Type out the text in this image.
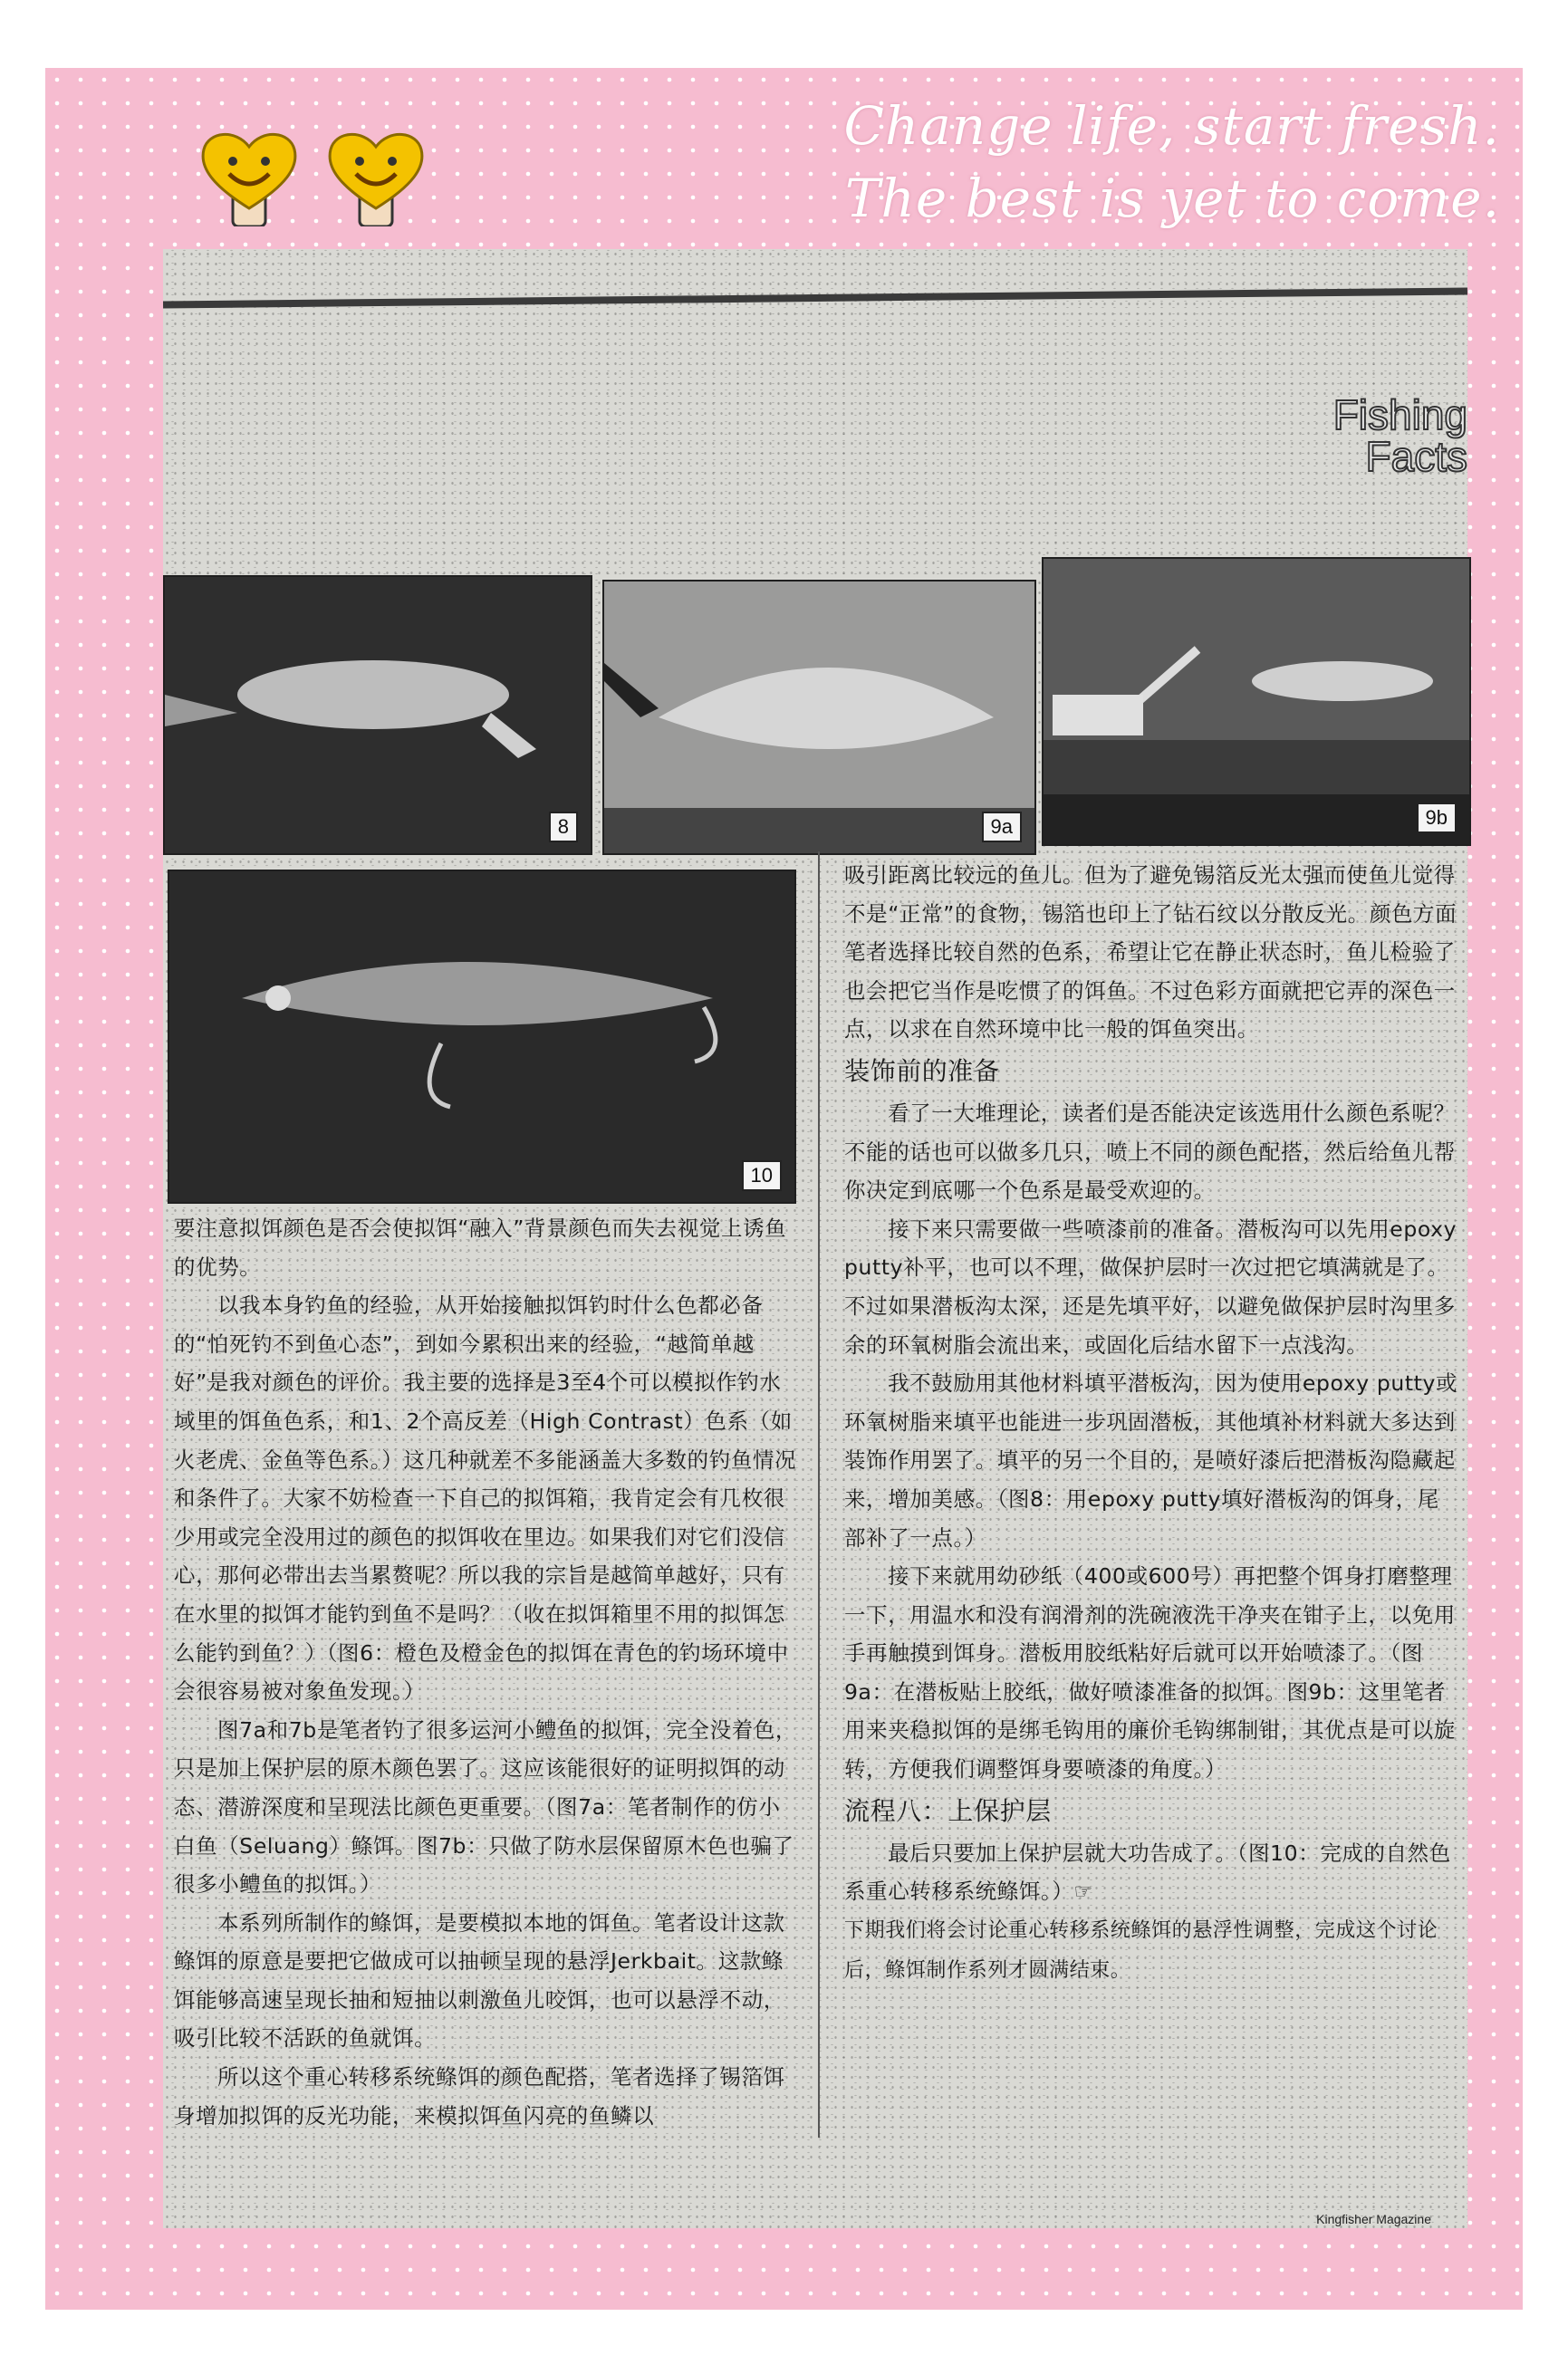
Change life, start fresh.
The best is yet to come.
Fishing
Facts
8	9a	9b
10

要注意拟饵颜色是否会使拟饵“融入”背景颜色而失去视觉上诱鱼的优势。

以我本身钓鱼的经验，从开始接触拟饵钓时什么色都必备的“怕死钓不到鱼心态”，到如今累积出来的经验，“越简单越好”是我对颜色的评价。我主要的选择是3至4个可以模拟作钓水域里的饵鱼色系，和1、2个高反差（High Contrast）色系（如火老虎、金鱼等色系。）这几种就差不多能涵盖大多数的钓鱼情况和条件了。大家不妨检查一下自己的拟饵箱，我肯定会有几枚很少用或完全没用过的颜色的拟饵收在里边。如果我们对它们没信心，那何必带出去当累赘呢？所以我的宗旨是越简单越好，只有在水里的拟饵才能钓到鱼不是吗？（收在拟饵箱里不用的拟饵怎么能钓到鱼？）（图6：橙色及橙金色的拟饵在青色的钓场环境中会很容易被对象鱼发现。）

图7a和7b是笔者钓了很多运河小鳢鱼的拟饵，完全没着色，只是加上保护层的原木颜色罢了。这应该能很好的证明拟饵的动态、潜游深度和呈现法比颜色更重要。（图7a：笔者制作的仿小白鱼（Seluang）鲦饵。图7b：只做了防水层保留原木色也骗了很多小鳢鱼的拟饵。）

本系列所制作的鲦饵，是要模拟本地的饵鱼。笔者设计这款鲦饵的原意是要把它做成可以抽顿呈现的悬浮Jerkbait。这款鲦饵能够高速呈现长抽和短抽以刺激鱼儿咬饵，也可以悬浮不动，吸引比较不活跃的鱼就饵。

所以这个重心转移系统鲦饵的颜色配搭，笔者选择了锡箔饵身增加拟饵的反光功能，来模拟饵鱼闪亮的鱼鳞以

吸引距离比较远的鱼儿。但为了避免锡箔反光太强而使鱼儿觉得不是“正常”的食物，锡箔也印上了钻石纹以分散反光。颜色方面笔者选择比较自然的色系，希望让它在静止状态时，鱼儿检验了也会把它当作是吃惯了的饵鱼。不过色彩方面就把它弄的深色一点，以求在自然环境中比一般的饵鱼突出。

装饰前的准备

看了一大堆理论，读者们是否能决定该选用什么颜色系呢？不能的话也可以做多几只，喷上不同的颜色配搭，然后给鱼儿帮你决定到底哪一个色系是最受欢迎的。

接下来只需要做一些喷漆前的准备。潜板沟可以先用epoxy putty补平，也可以不理，做保护层时一次过把它填满就是了。不过如果潜板沟太深，还是先填平好，以避免做保护层时沟里多余的环氧树脂会流出来，或固化后结水留下一点浅沟。

我不鼓励用其他材料填平潜板沟，因为使用epoxy putty或环氧树脂来填平也能进一步巩固潜板，其他填补材料就大多达到装饰作用罢了。填平的另一个目的，是喷好漆后把潜板沟隐藏起来，增加美感。（图8：用epoxy putty填好潜板沟的饵身，尾部补了一点。）

接下来就用幼砂纸（400或600号）再把整个饵身打磨整理一下，用温水和没有润滑剂的洗碗液洗干净夹在钳子上，以免用手再触摸到饵身。潜板用胶纸粘好后就可以开始喷漆了。（图9a：在潜板贴上胶纸，做好喷漆准备的拟饵。图9b：这里笔者用来夹稳拟饵的是绑毛钩用的廉价毛钩绑制钳，其优点是可以旋转，方便我们调整饵身要喷漆的角度。）

流程八：上保护层

最后只要加上保护层就大功告成了。（图10：完成的自然色系重心转移系统鲦饵。）☞

下期我们将会讨论重心转移系统鲦饵的悬浮性调整，完成这个讨论后，鲦饵制作系列才圆满结束。

Kingfisher Magazine
